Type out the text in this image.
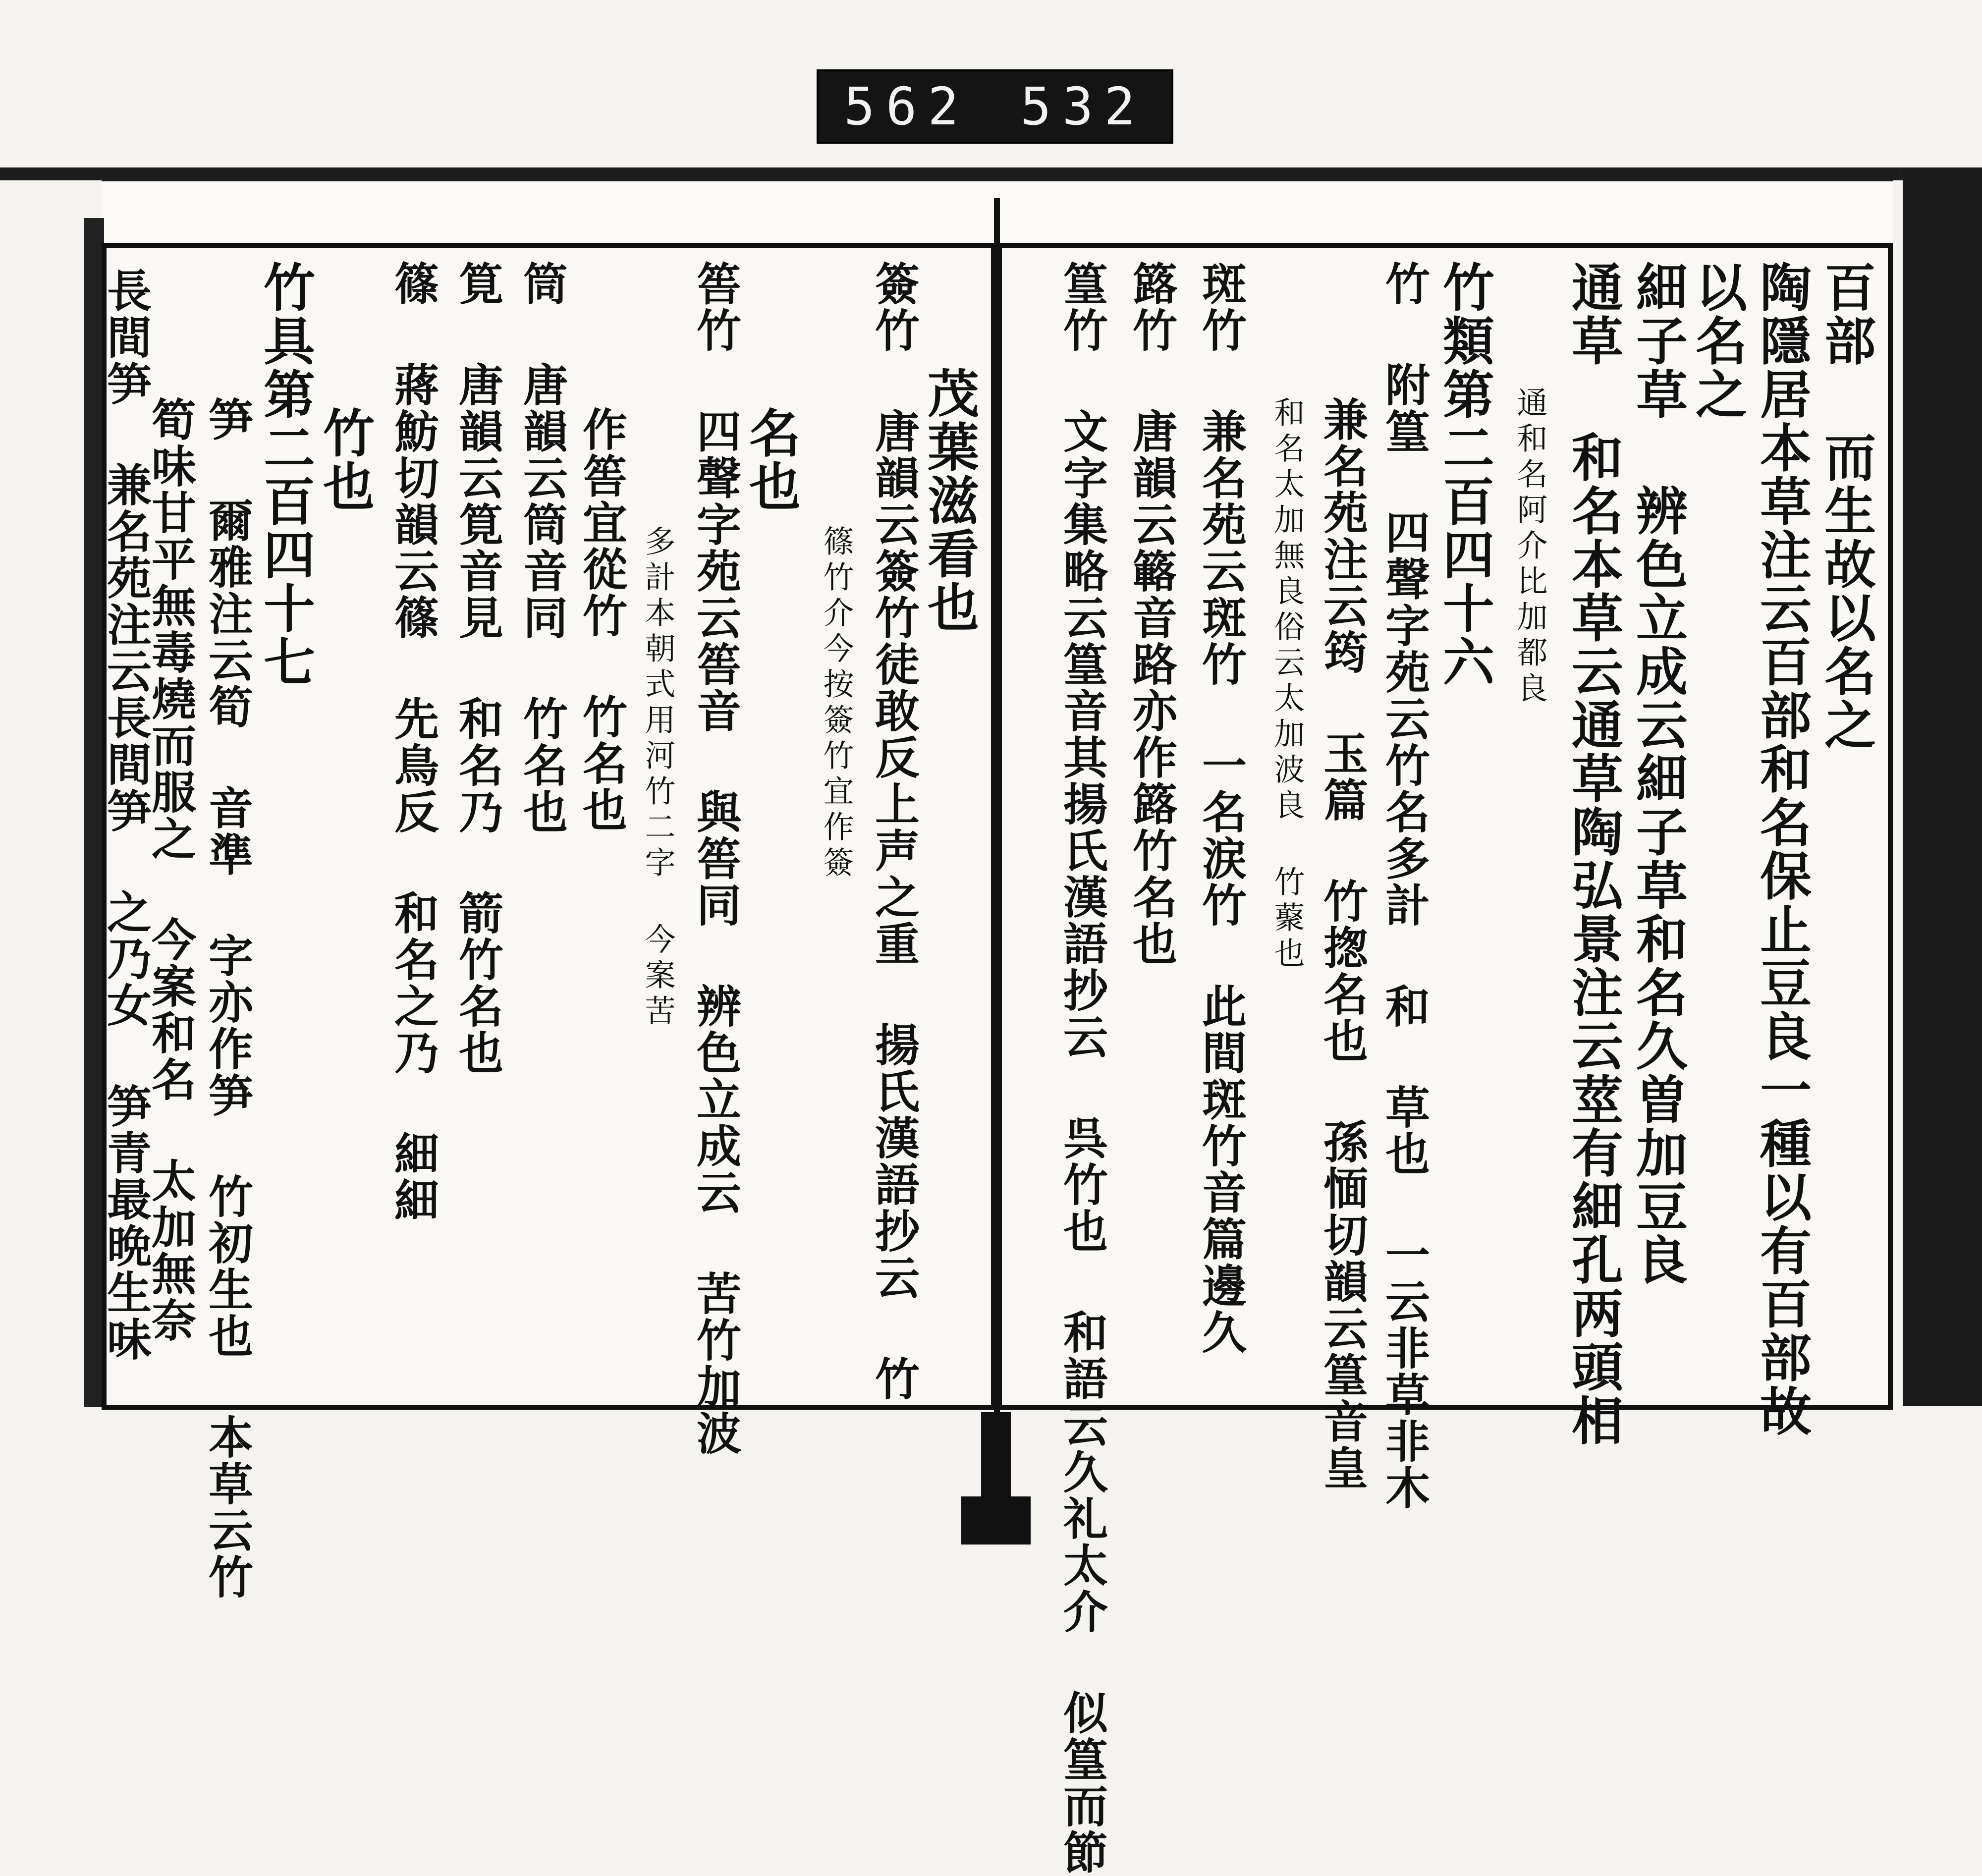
562 532
百部 而生故以名之
陶隱居本草注云百部和名保止豆良一種以有百部故
以名之
細子草 辨色立成云細子草和名久曽加豆良
通草 和名本草云通草陶弘景注云莖有細孔两頭相
通和名阿介比加都良
竹類第二百四十六
竹 附篁 四聲字苑云竹名多計 和 草也 一云非草非木
兼名苑注云筠 玉篇 竹揔名也 孫愐切韻云篁音皇
和名太加無良俗云太加波良 竹藂也
斑竹 兼名苑云斑竹 一名涙竹 此間斑竹音篇邊久
簬竹 唐韻云簵音路亦作簬竹名也
篁竹 文字集略云篁音其揚氏漢語抄云 呉竹也 和語云久礼太介 似篁而節
茂葉滋看也
簽竹 唐韻云簽竹徒敢反上声之重 揚氏漢語抄云 竹
篠竹介今按簽竹宜作簽
名也
筶竹 四聲字苑云筶音 與筶同 辨色立成云 苦竹加波
多計本朝式用河竹二字 今案苦
作筶宜從竹 竹名也
筒 唐韻云筒音同 竹名也
筧 唐韻云筧音見 和名乃 箭竹名也
篠 蔣魴切韻云篠 先鳥反 和名之乃 細細
竹也
竹具第二百四十七
笋 爾雅注云筍 音準 字亦作笋 竹初生也 本草云竹
筍味甘平無毒燒而服之 今案和名 太加無奈
長間笋 兼名苑注云長間笋 之乃女 笋青最晩生味
